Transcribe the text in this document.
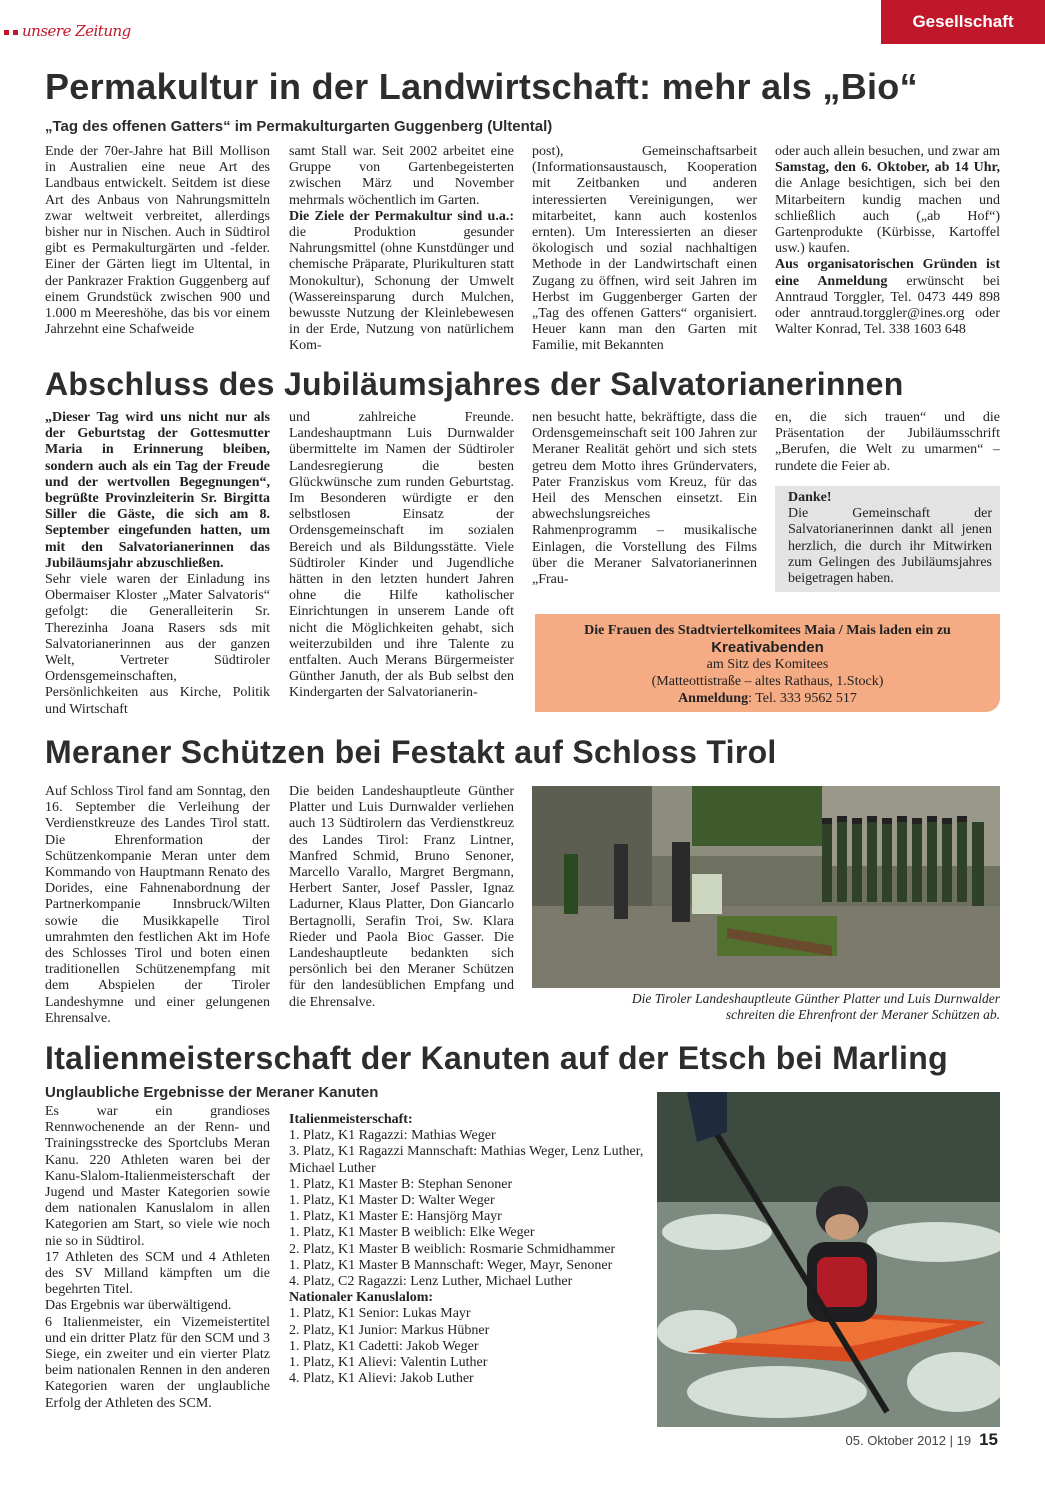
unsere Zeitung	Gesellschaft
Permakultur in der Landwirtschaft: mehr als „Bio“
„Tag des offenen Gatters“ im Permakulturgarten Guggenberg (Ultental)

Ende der 70er-Jahre hat Bill Mollison in Australien eine neue Art des Landbaus entwickelt. Seitdem ist diese Art des Anbaus von Nahrungsmitteln zwar weltweit verbreitet, allerdings bisher nur in Nischen. Auch in Südtirol gibt es Permakulturgärten und -felder. Einer der Gärten liegt im Ultental, in der Pankrazer Fraktion Guggenberg auf einem Grundstück zwischen 900 und 1.000 m Meereshöhe, das bis vor einem Jahrzehnt eine Schafweide

samt Stall war. Seit 2002 arbeitet eine Gruppe von Gartenbegeisterten zwischen März und November mehrmals wöchentlich im Garten.

Die Ziele der Permakultur sind u.a.: die Produktion gesunder Nahrungsmittel (ohne Kunstdünger und chemische Präparate, Plurikulturen statt Monokultur), Schonung der Umwelt (Wassereinsparung durch Mulchen, bewusste Nutzung der Kleinlebewesen in der Erde, Nutzung von natürlichem Kom-

post), Gemeinschaftsarbeit (Informationsaustausch, Kooperation mit Zeitbanken und anderen interessierten Vereinigungen, wer mitarbeitet, kann auch kostenlos ernten). Um Interessierten an dieser ökologisch und sozial nachhaltigen Methode in der Landwirtschaft einen Zugang zu öffnen, wird seit Jahren im Herbst im Guggenberger Garten der „Tag des offenen Gatters“ organisiert. Heuer kann man den Garten mit Familie, mit Bekannten

oder auch allein besuchen, und zwar am Samstag, den 6. Oktober, ab 14 Uhr, die Anlage besichtigen, sich bei den Mitarbeitern kundig machen und schließlich auch („ab Hof“) Gartenprodukte (Kürbisse, Kartoffel usw.) kaufen.

Aus organisatorischen Gründen ist eine Anmeldung erwünscht bei Anntraud Torggler, Tel. 0473 449 898 oder anntraud.torggler@ines.org oder Walter Konrad, Tel. 338 1603 648

Abschluss des Jubiläumsjahres der Salvatorianerinnen

„Dieser Tag wird uns nicht nur als der Geburtstag der Gottesmutter Maria in Erinnerung bleiben, sondern auch als ein Tag der Freude und der wertvollen Begegnungen“, begrüßte Provinzleiterin Sr. Birgitta Siller die Gäste, die sich am 8. September eingefunden hatten, um mit den Salvatorianerinnen das Jubiläumsjahr abzuschließen.

Sehr viele waren der Einladung ins Obermaiser Kloster „Mater Salvatoris“ gefolgt: die Generalleiterin Sr. Therezinha Joana Rasers sds mit Salvatorianerinnen aus der ganzen Welt, Vertreter Südtiroler Ordensgemeinschaften, Persönlichkeiten aus Kirche, Politik und Wirtschaft

und zahlreiche Freunde. Landeshauptmann Luis Durnwalder übermittelte im Namen der Südtiroler Landesregierung die besten Glückwünsche zum runden Geburtstag. Im Besonderen würdigte er den selbstlosen Einsatz der Ordensgemeinschaft im sozialen Bereich und als Bildungsstätte. Viele Südtiroler Kinder und Jugendliche hätten in den letzten hundert Jahren ohne die Hilfe katholischer Einrichtungen in unserem Lande oft nicht die Möglichkeiten gehabt, sich weiterzubilden und ihre Talente zu entfalten. Auch Merans Bürgermeister Günther Januth, der als Bub selbst den Kindergarten der Salvatorianerin-

nen besucht hatte, bekräftigte, dass die Ordensgemeinschaft seit 100 Jahren zur Meraner Realität gehört und sich stets getreu dem Motto ihres Gründervaters, Pater Franziskus vom Kreuz, für das Heil des Menschen einsetzt. Ein abwechslungsreiches Rahmenprogramm – musikalische Einlagen, die Vorstellung des Films über die Meraner Salvatorianerinnen „Frau-

en, die sich trauen“ und die Präsentation der Jubiläumsschrift „Berufen, die Welt zu umarmen“ – rundete die Feier ab.

Danke!
Die Gemeinschaft der Salvatorianerinnen dankt all jenen herzlich, die durch ihr Mitwirken zum Gelingen des Jubiläumsjahres beigetragen haben.
Die Frauen des Stadtviertelkomitees Maia / Mais laden ein zu
Kreativabenden
am Sitz des Komitees
(Matteottistraße – altes Rathaus, 1.Stock)
Anmeldung: Tel. 333 9562 517
Meraner Schützen bei Festakt auf Schloss Tirol

Auf Schloss Tirol fand am Sonntag, den 16. September die Verleihung der Verdienstkreuze des Landes Tirol statt. Die Ehrenformation der Schützenkompanie Meran unter dem Kommando von Hauptmann Renato des Dorides, eine Fahnenabordnung der Partnerkompanie Innsbruck/Wilten sowie die Musikkapelle Tirol umrahmten den festlichen Akt im Hofe des Schlosses Tirol und boten einen traditionellen Schützenempfang mit dem Abspielen der Tiroler Landeshymne und einer gelungenen Ehrensalve.

Die beiden Landeshauptleute Günther Platter und Luis Durnwalder verliehen auch 13 Südtirolern das Verdienstkreuz des Landes Tirol: Franz Lintner, Manfred Schmid, Bruno Senoner, Marcello Varallo, Margret Bergmann, Herbert Santer, Josef Passler, Ignaz Ladurner, Klaus Platter, Don Giancarlo Bertagnolli, Serafin Troi, Sw. Klara Rieder und Paola Bioc Gasser. Die Landeshauptleute bedankten sich persönlich bei den Meraner Schützen für den landesüblichen Empfang und die Ehrensalve.	Die Tiroler Landeshauptleute Günther Platter und Luis Durnwalder
schreiten die Ehrenfront der Meraner Schützen ab.
Italienmeisterschaft der Kanuten auf der Etsch bei Marling
Unglaubliche Ergebnisse der Meraner Kanuten

Es war ein grandioses Rennwochenende an der Renn- und Trainingsstrecke des Sportclubs Meran Kanu. 220 Athleten waren bei der Kanu-Slalom-Italienmeisterschaft der Jugend und Master Kategorien sowie dem nationalen Kanuslalom in allen Kategorien am Start, so viele wie noch nie so in Südtirol.

17 Athleten des SCM und 4 Athleten des SV Milland kämpften um die begehrten Titel.

Das Ergebnis war überwältigend.

6 Italienmeister, ein Vizemeistertitel und ein dritter Platz für den SCM und 3 Siege, ein zweiter und ein vierter Platz beim nationalen Rennen in den anderen Kategorien waren der unglaubliche Erfolg der Athleten des SCM.

Italienmeisterschaft:
1. Platz, K1 Ragazzi: Mathias Weger
3. Platz, K1 Ragazzi Mannschaft: Mathias Weger, Lenz Luther, Michael Luther
1. Platz, K1 Master B: Stephan Senoner
1. Platz, K1 Master D: Walter Weger
1. Platz, K1 Master E: Hansjörg Mayr
1. Platz, K1 Master B weiblich: Elke Weger
2. Platz, K1 Master B weiblich: Rosmarie Schmidhammer
1. Platz, K1 Master B Mannschaft: Weger, Mayr, Senoner
4. Platz, C2 Ragazzi: Lenz Luther, Michael Luther
Nationaler Kanuslalom:
1. Platz, K1 Senior: Lukas Mayr
2. Platz, K1 Junior: Markus Hübner
1. Platz, K1 Cadetti: Jakob Weger
1. Platz, K1 Alievi: Valentin Luther
4. Platz, K1 Alievi: Jakob Luther
05. Oktober 2012 | 19 15
